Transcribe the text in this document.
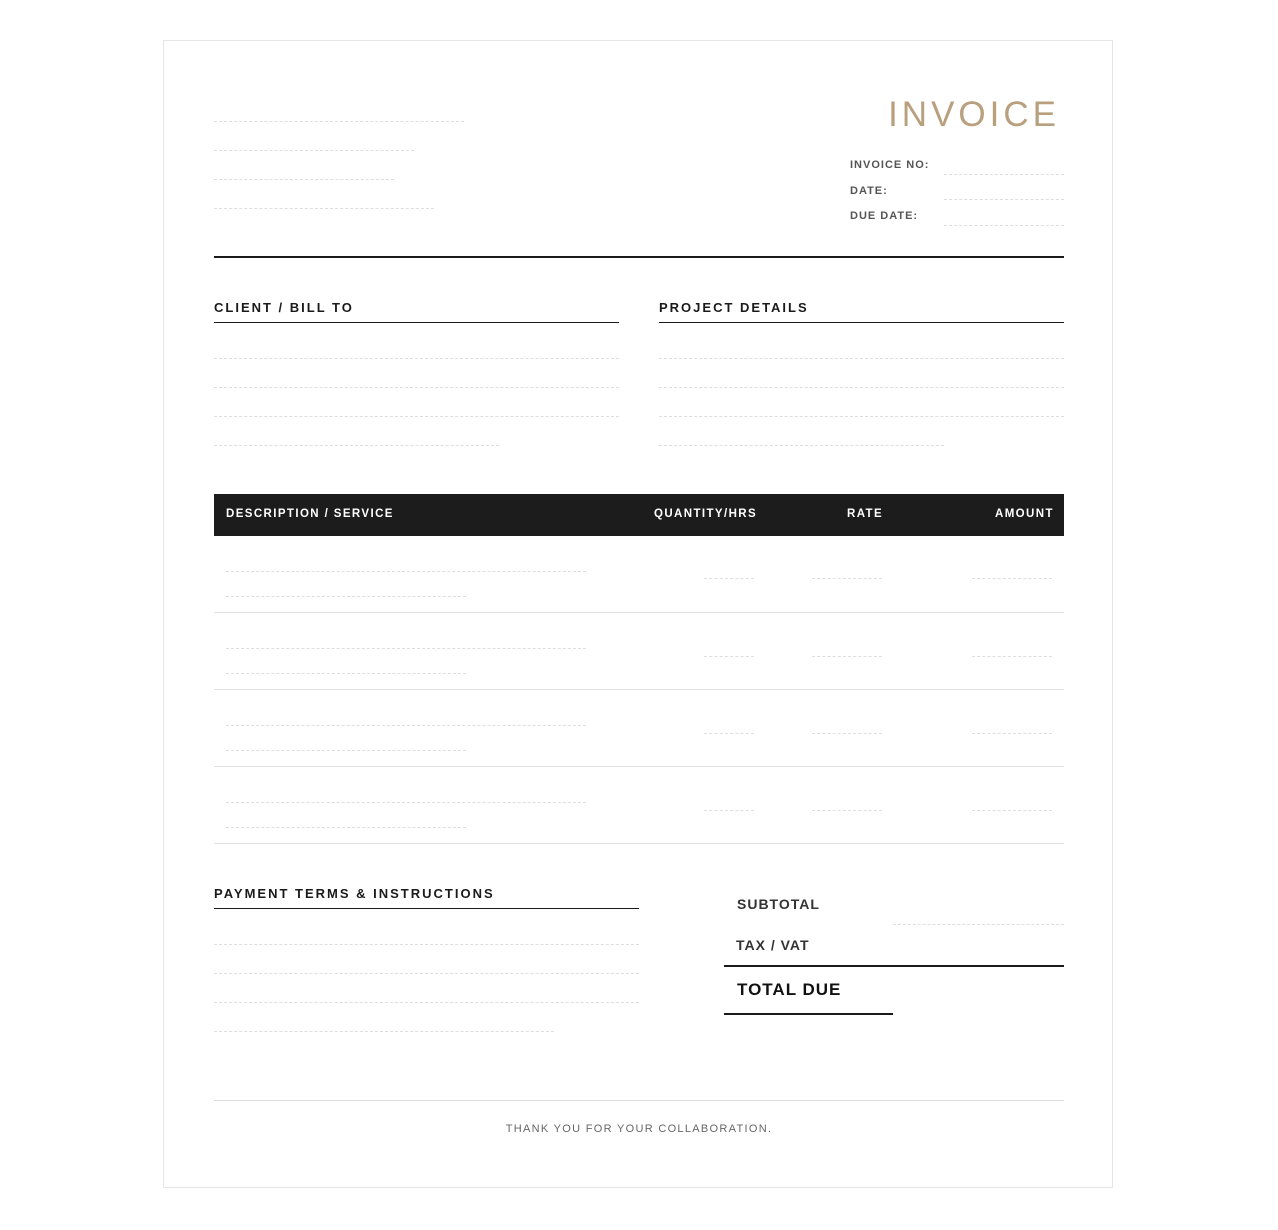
INVOICE
INVOICE NO:
DATE:
DUE DATE:
CLIENT / BILL TO	PROJECT DETAILS
DESCRIPTION / SERVICE	QUANTITY/HRS	RATE	AMOUNT
PAYMENT TERMS & INSTRUCTIONS
SUBTOTAL
TAX / VAT
TOTAL DUE
THANK YOU FOR YOUR COLLABORATION.
